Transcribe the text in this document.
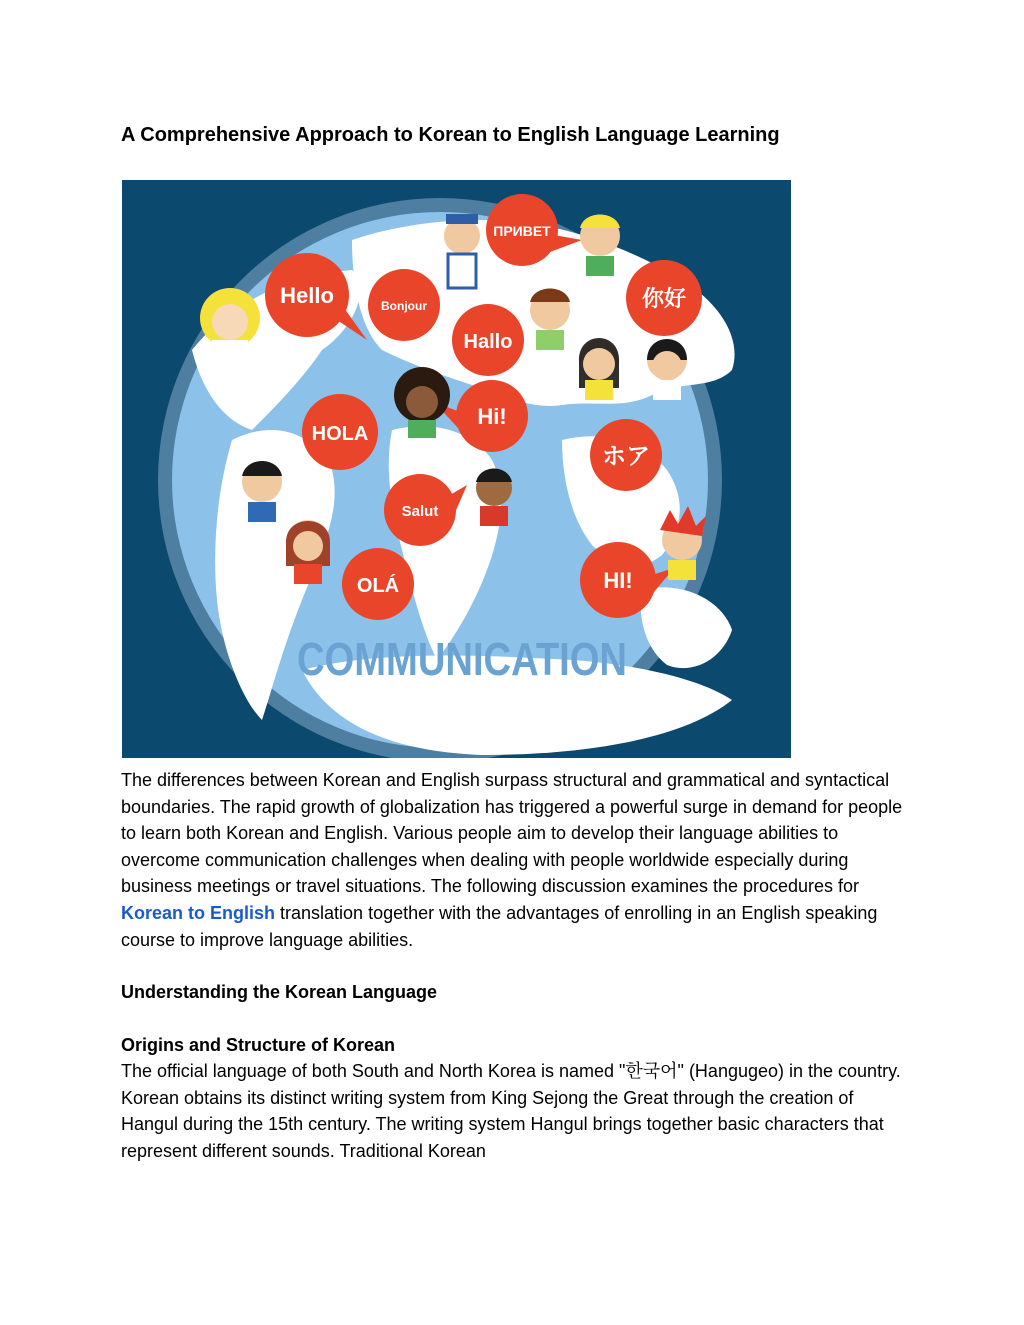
A Comprehensive Approach to Korean to English Language Learning
Hello	Bonjour
ПРИВЕТ
Hallo
你好
HOLA
Hi!
ホア
Salut
OLÁ	HI!
COMMUNICATION

The differences between Korean and English surpass structural and grammatical and syntactical boundaries. The rapid growth of globalization has triggered a powerful surge in demand for people to learn both Korean and English. Various people aim to develop their language abilities to overcome communication challenges when dealing with people worldwide especially during business meetings or travel situations. The following discussion examines the procedures for Korean to English translation together with the advantages of enrolling in an English speaking course to improve language abilities.

Understanding the Korean Language
Origins and Structure of Korean

The official language of both South and North Korea is named "한국어" (Hangugeo) in the country. Korean obtains its distinct writing system from King Sejong the Great through the creation of Hangul during the 15th century. The writing system Hangul brings together basic characters that represent different sounds. Traditional Korean
